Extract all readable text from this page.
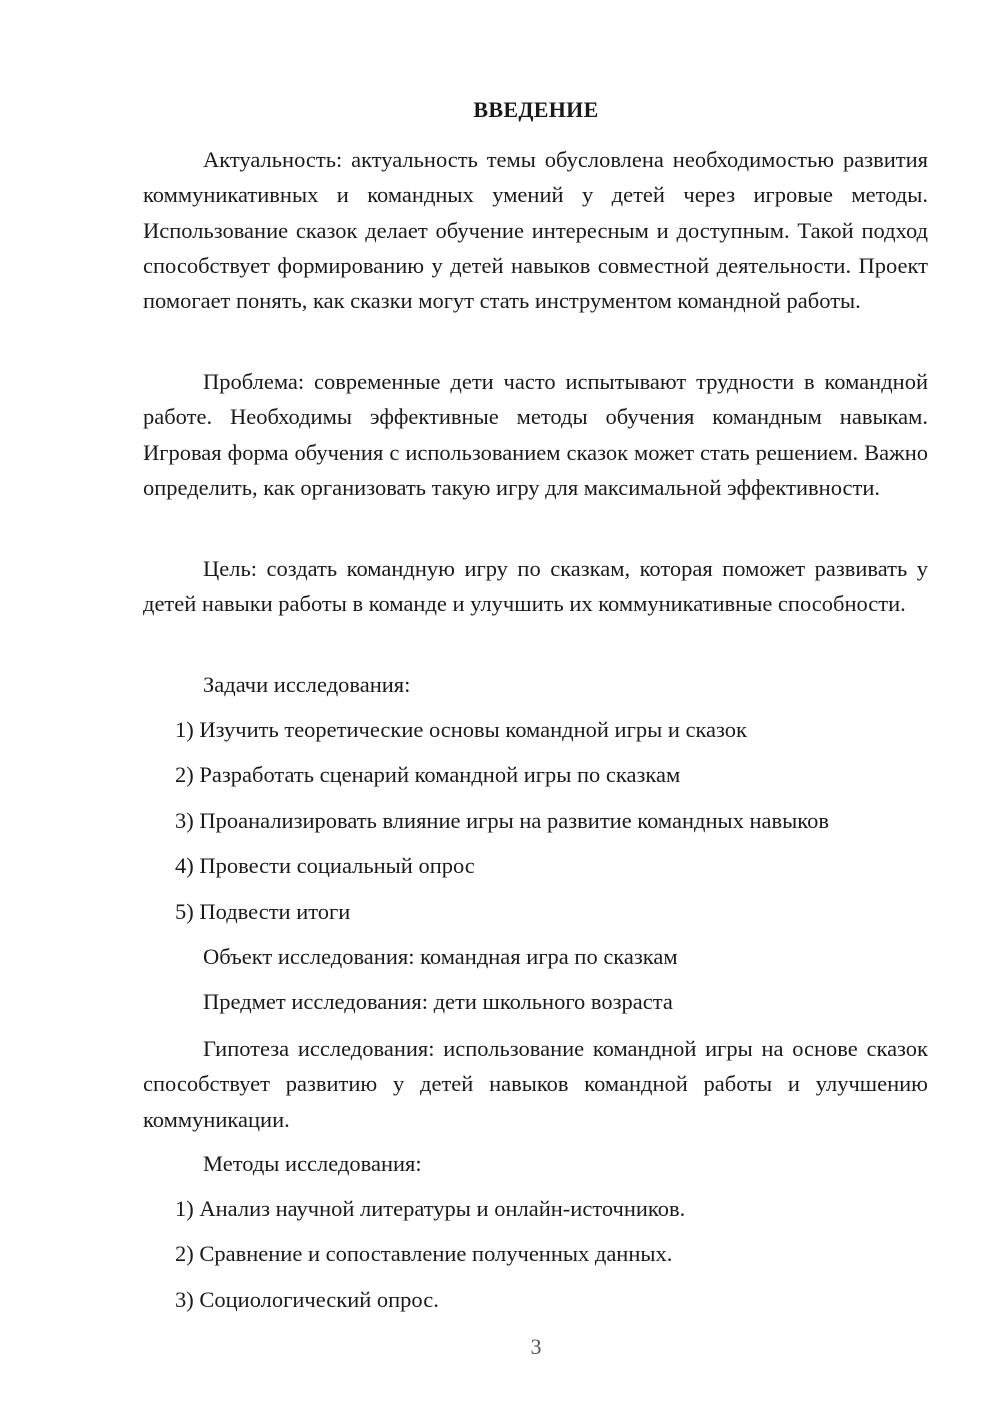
ВВЕДЕНИЕ

Актуальность: актуальность темы обусловлена необходимостью развития коммуникативных и командных умений у детей через игровые методы. Использование сказок делает обучение интересным и доступным. Такой подход способствует формированию у детей навыков совместной деятельности. Проект помогает понять, как сказки могут стать инструментом командной работы.

Проблема: современные дети часто испытывают трудности в командной работе. Необходимы эффективные методы обучения командным навыкам. Игровая форма обучения с использованием сказок может стать решением. Важно определить, как организовать такую игру для максимальной эффективности.

Цель: создать командную игру по сказкам, которая поможет развивать у детей навыки работы в команде и улучшить их коммуникативные способности.

Задачи исследования:

1) Изучить теоретические основы командной игры и сказок

2) Разработать сценарий командной игры по сказкам

3) Проанализировать влияние игры на развитие командных навыков

4) Провести социальный опрос

5) Подвести итоги

Объект исследования: командная игра по сказкам

Предмет исследования: дети школьного возраста

Гипотеза исследования: использование командной игры на основе сказок способствует развитию у детей навыков командной работы и улучшению коммуникации.

Методы исследования:

1) Анализ научной литературы и онлайн-источников.

2) Сравнение и сопоставление полученных данных.

3) Социологический опрос.

3
